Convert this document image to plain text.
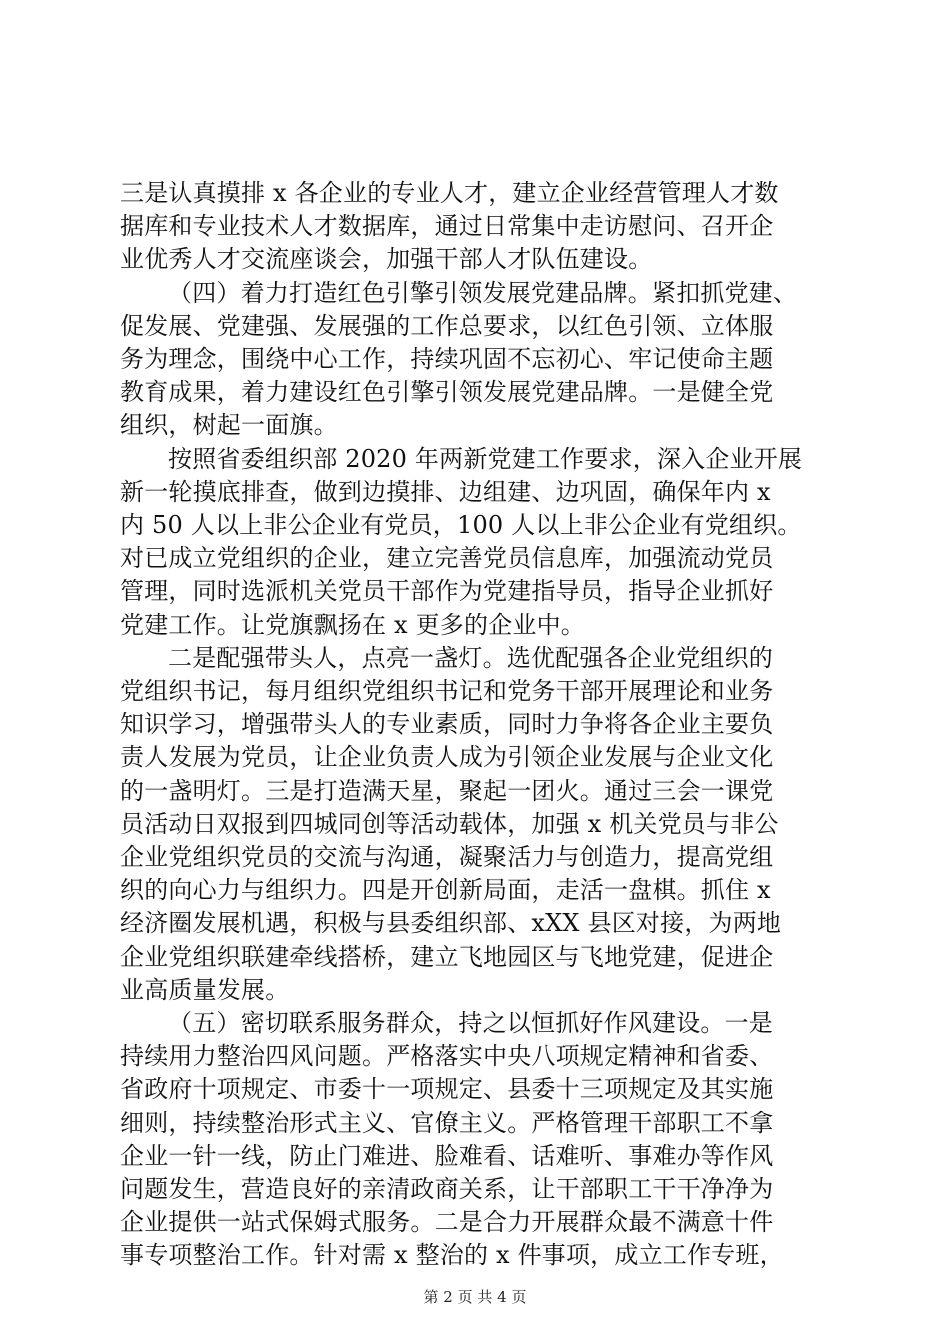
三是认真摸排 x 各企业的专业人才，建立企业经营管理人才数
据库和专业技术人才数据库，通过日常集中走访慰问、召开企
业优秀人才交流座谈会，加强干部人才队伍建设。
（四）着力打造红色引擎引领发展党建品牌。紧扣抓党建、
促发展、党建强、发展强的工作总要求，以红色引领、立体服
务为理念，围绕中心工作，持续巩固不忘初心、牢记使命主题
教育成果，着力建设红色引擎引领发展党建品牌。一是健全党
组织，树起一面旗。
按照省委组织部 2020 年两新党建工作要求，深入企业开展
新一轮摸底排查，做到边摸排、边组建、边巩固，确保年内 x
内 50 人以上非公企业有党员，100 人以上非公企业有党组织。
对已成立党组织的企业，建立完善党员信息库，加强流动党员
管理，同时选派机关党员干部作为党建指导员，指导企业抓好
党建工作。让党旗飘扬在 x 更多的企业中。
二是配强带头人，点亮一盏灯。选优配强各企业党组织的
党组织书记，每月组织党组织书记和党务干部开展理论和业务
知识学习，增强带头人的专业素质，同时力争将各企业主要负
责人发展为党员，让企业负责人成为引领企业发展与企业文化
的一盏明灯。三是打造满天星，聚起一团火。通过三会一课党
员活动日双报到四城同创等活动载体，加强 x 机关党员与非公
企业党组织党员的交流与沟通，凝聚活力与创造力，提高党组
织的向心力与组织力。四是开创新局面，走活一盘棋。抓住 x
经济圈发展机遇，积极与县委组织部、xXX 县区对接，为两地
企业党组织联建牵线搭桥，建立飞地园区与飞地党建，促进企
业高质量发展。
（五）密切联系服务群众，持之以恒抓好作风建设。一是
持续用力整治四风问题。严格落实中央八项规定精神和省委、
省政府十项规定、市委十一项规定、县委十三项规定及其实施
细则，持续整治形式主义、官僚主义。严格管理干部职工不拿
企业一针一线，防止门难进、脸难看、话难听、事难办等作风
问题发生，营造良好的亲清政商关系，让干部职工干干净净为
企业提供一站式保姆式服务。二是合力开展群众最不满意十件
事专项整治工作。针对需 x 整治的 x 件事项，成立工作专班，
第 2 页 共 4 页
